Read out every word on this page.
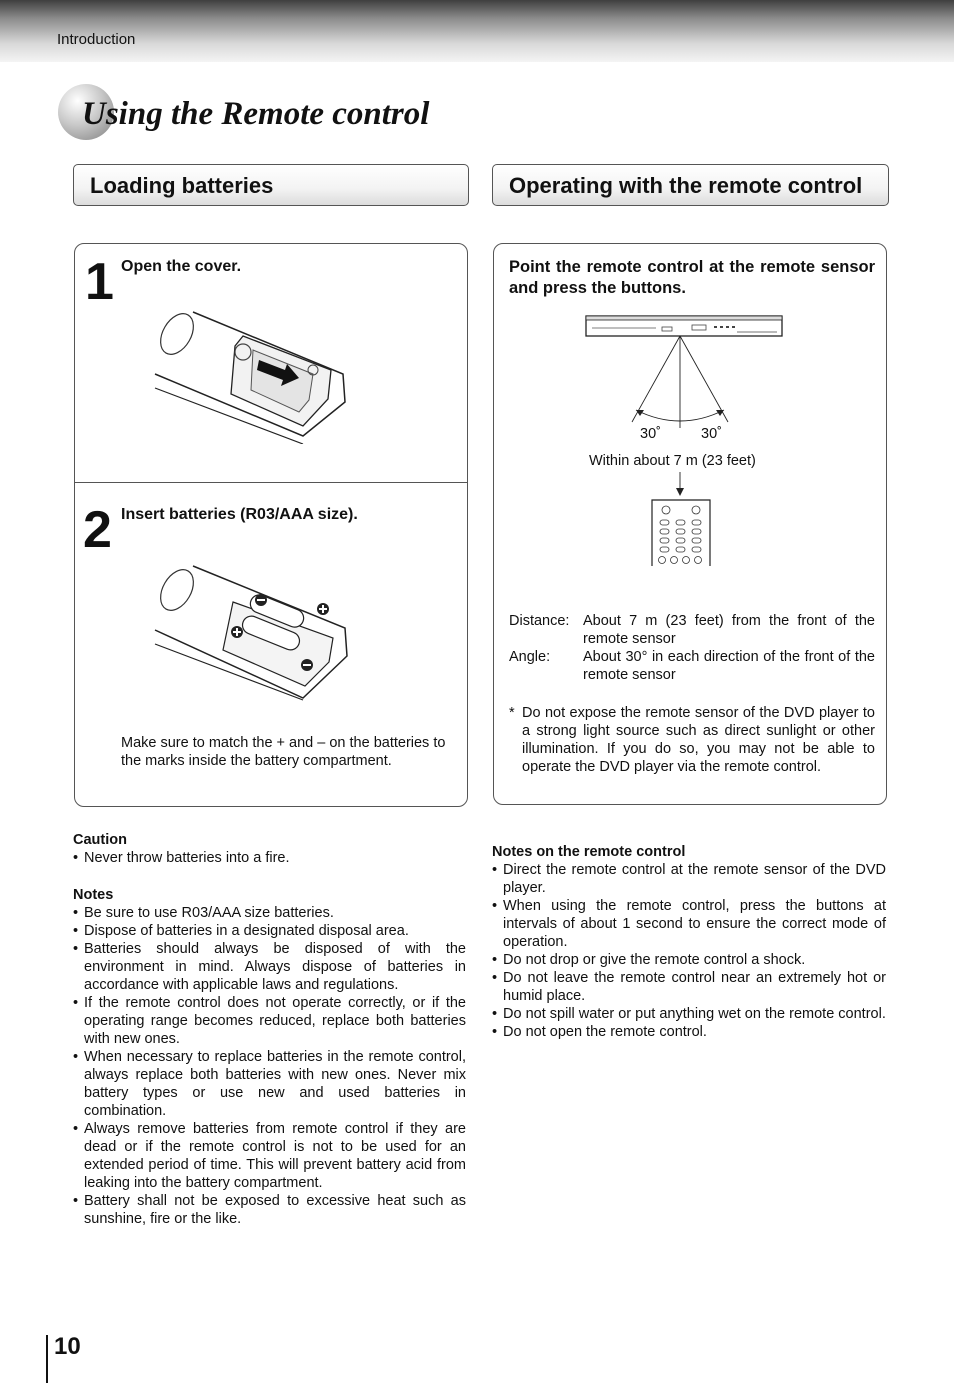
Introduction
Using the Remote control
Loading batteries	Operating with the remote control
1 Open the cover.
2 Insert batteries (R03/AAA size).
Make sure to match the + and – on the batteries to the marks inside the battery compartment.
Point the remote control at the remote sensor and press the buttons.
30˚	30˚
Within about 7 m (23 feet)
Distance: About 7 m (23 feet) from the front of the remote sensor
Angle:	About 30° in each direction of the front of the remote sensor
* Do not expose the remote sensor of the DVD player to a strong light source such as direct sunlight or other illumination. If you do so, you may not be able to operate the DVD player via the remote control.
Caution
• Never throw batteries into a fire.
Notes
• Be sure to use R03/AAA size batteries.
• Dispose of batteries in a designated disposal area.
• Batteries should always be disposed of with the environment in mind. Always dispose of batteries in accordance with applicable laws and regulations.
• If the remote control does not operate correctly, or if the operating range becomes reduced, replace both batteries with new ones.
• When necessary to replace batteries in the remote control, always replace both batteries with new ones. Never mix battery types or use new and used batteries in combination.
• Always remove batteries from remote control if they are dead or if the remote control is not to be used for an extended period of time. This will prevent battery acid from leaking into the battery compartment.
• Battery shall not be exposed to excessive heat such as sunshine, fire or the like.
Notes on the remote control
• Direct the remote control at the remote sensor of the DVD player.
• When using the remote control, press the buttons at intervals of about 1 second to ensure the correct mode of operation.
• Do not drop or give the remote control a shock.
• Do not leave the remote control near an extremely hot or humid place.
• Do not spill water or put anything wet on the remote control.
• Do not open the remote control.
10
